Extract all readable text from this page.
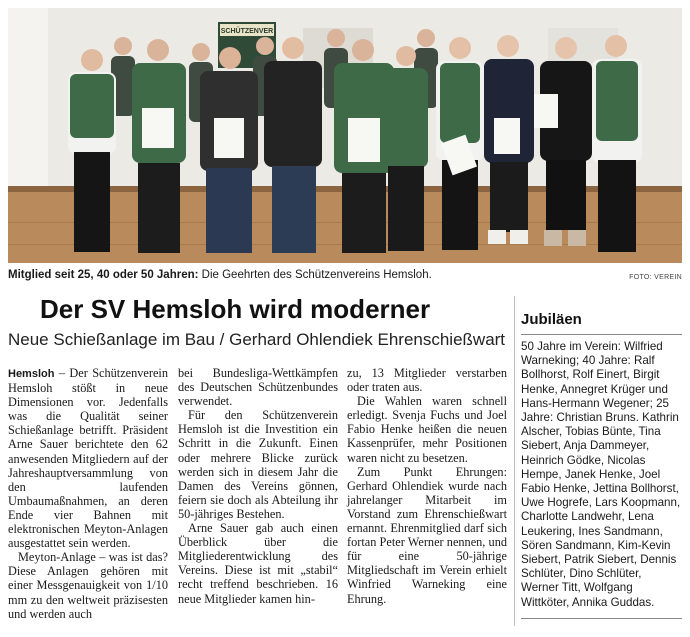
SCHÜTZENVER
Mitglied seit 25, 40 oder 50 Jahren: Die Geehrten des Schützenvereins Hemsloh.	FOTO: VEREIN
Der SV Hemsloh wird moderner
Neue Schießanlage im Bau / Gerhard Ohlendiek Ehrenschießwart

Hemsloh – Der Schützenverein Hemsloh stößt in neue Dimensionen vor. Jedenfalls was die Qualität seiner Schießanlage betrifft. Präsident Arne Sauer berichtete den 62 anwesenden Mitgliedern auf der Jahreshauptversammlung von den laufenden Umbaumaßnahmen, an deren Ende vier Bahnen mit elektronischen Meyton-Anlagen ausgestattet sein werden.

Meyton-Anlage – was ist das? Diese Anlagen gehören mit einer Messgenauigkeit von 1/10 mm zu den weltweit präzisesten und werden auch

bei Bundesliga-Wettkämpfen des Deutschen Schützenbundes verwendet.

Für den Schützenverein Hemsloh ist die Investition ein Schritt in die Zukunft. Einen oder mehrere Blicke zurück werden sich in diesem Jahr die Damen des Vereins gönnen, feiern sie doch als Abteilung ihr 50-jähriges Bestehen.

Arne Sauer gab auch einen Überblick über die Mitgliederentwicklung des Vereins. Diese ist mit „stabil“ recht treffend beschrieben. 16 neue Mitglieder kamen hin-

zu, 13 Mitglieder verstarben oder traten aus.

Die Wahlen waren schnell erledigt. Svenja Fuchs und Joel Fabio Henke heißen die neuen Kassenprüfer, mehr Positionen waren nicht zu besetzen.

Zum Punkt Ehrungen: Gerhard Ohlendiek wurde nach jahrelanger Mitarbeit im Vorstand zum Ehrenschießwart ernannt. Ehrenmitglied darf sich fortan Peter Werner nennen, und für eine 50-jährige Mitgliedschaft im Verein erhielt Winfried Warneking eine Ehrung.

Jubiläen
50 Jahre im Verein: Wilfried Warneking; 40 Jahre: Ralf Bollhorst, Rolf Einert, Birgit Henke, Annegret Krüger und Hans-Hermann Wegener; 25 Jahre: Christian Bruns. Kathrin Alscher, Tobias Bünte, Tina Siebert, Anja Dammeyer, Heinrich Gödke, Nicolas Hempe, Janek Henke, Joel Fabio Henke, Jettina Bollhorst, Uwe Hogrefe, Lars Koopmann, Charlotte Landwehr, Lena Leukering, Ines Sandmann, Sören Sandmann, Kim-Kevin Siebert, Patrik Siebert, Dennis Schlüter, Dino Schlüter, Werner Titt, Wolfgang Wittköter, Annika Guddas.
